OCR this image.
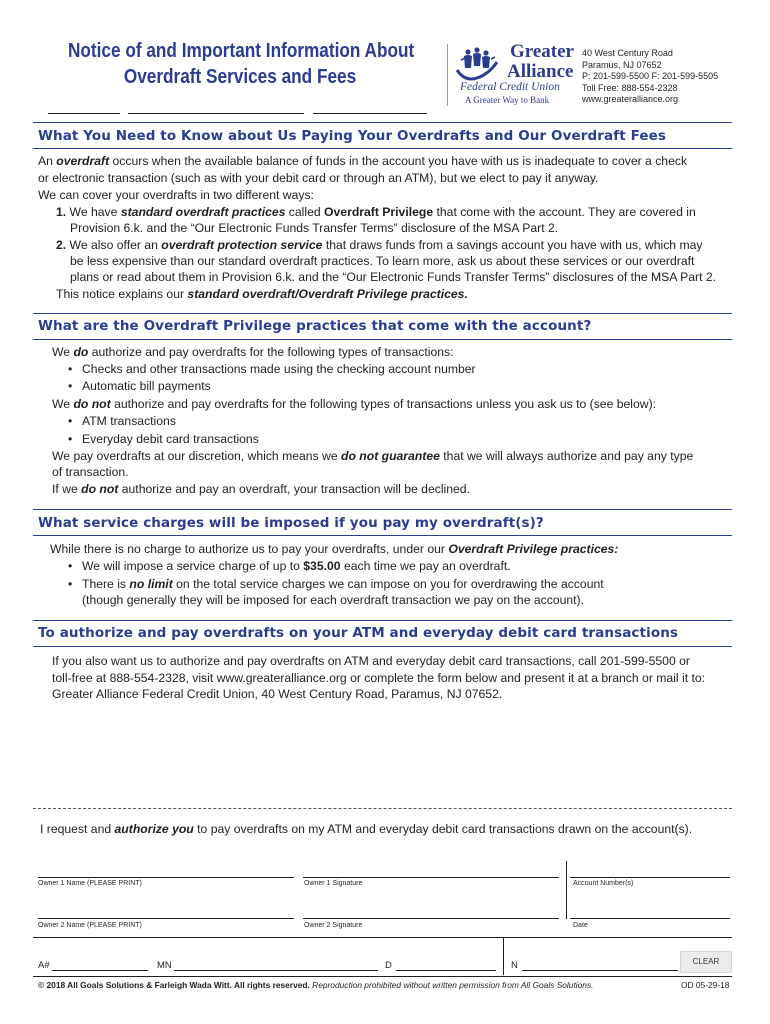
Notice of and Important Information About
Overdraft Services and Fees
Greater
Alliance
Federal Credit Union
A Greater Way to Bank
40 West Century Road
Paramus, NJ 07652
P: 201-599-5500 F: 201-599-5505
Toll Free: 888-554-2328
www.greateralliance.org
What You Need to Know about Us Paying Your Overdrafts and Our Overdraft Fees
An overdraft occurs when the available balance of funds in the account you have with us is inadequate to cover a check
or electronic transaction (such as with your debit card or through an ATM), but we elect to pay it anyway.
We can cover your overdrafts in two different ways:
1. We have standard overdraft practices called Overdraft Privilege that come with the account. They are covered in
Provision 6.k. and the “Our Electronic Funds Transfer Terms” disclosure of the MSA Part 2.
2. We also offer an overdraft protection service that draws funds from a savings account you have with us, which may
be less expensive than our standard overdraft practices. To learn more, ask us about these services or our overdraft
plans or read about them in Provision 6.k. and the “Our Electronic Funds Transfer Terms” disclosures of the MSA Part 2.
This notice explains our standard overdraft/Overdraft Privilege practices.
What are the Overdraft Privilege practices that come with the account?
We do authorize and pay overdrafts for the following types of transactions:
• Checks and other transactions made using the checking account number
• Automatic bill payments
We do not authorize and pay overdrafts for the following types of transactions unless you ask us to (see below):
• ATM transactions
• Everyday debit card transactions
We pay overdrafts at our discretion, which means we do not guarantee that we will always authorize and pay any type
of transaction.
If we do not authorize and pay an overdraft, your transaction will be declined.
What service charges will be imposed if you pay my overdraft(s)?
While there is no charge to authorize us to pay your overdrafts, under our Overdraft Privilege practices:
• We will impose a service charge of up to $35.00 each time we pay an overdraft.
• There is no limit on the total service charges we can impose on you for overdrawing the account
(though generally they will be imposed for each overdraft transaction we pay on the account).
To authorize and pay overdrafts on your ATM and everyday debit card transactions
If you also want us to authorize and pay overdrafts on ATM and everyday debit card transactions, call 201-599-5500 or
toll-free at 888-554-2328, visit www.greateralliance.org or complete the form below and present it at a branch or mail it to:
Greater Alliance Federal Credit Union, 40 West Century Road, Paramus, NJ 07652.
I request and authorize you to pay overdrafts on my ATM and everyday debit card transactions drawn on the account(s).
Owner 1 Name (PLEASE PRINT)	Owner 1 Signature	Account Number(s)
Owner 2 Name (PLEASE PRINT)	Owner 2 Signature	Date
A#	MN	D	N	CLEAR
© 2018 All Goals Solutions & Farleigh Wada Witt. All rights reserved. Reproduction prohibited without written permission from All Goals Solutions.	OD 05-29-18
